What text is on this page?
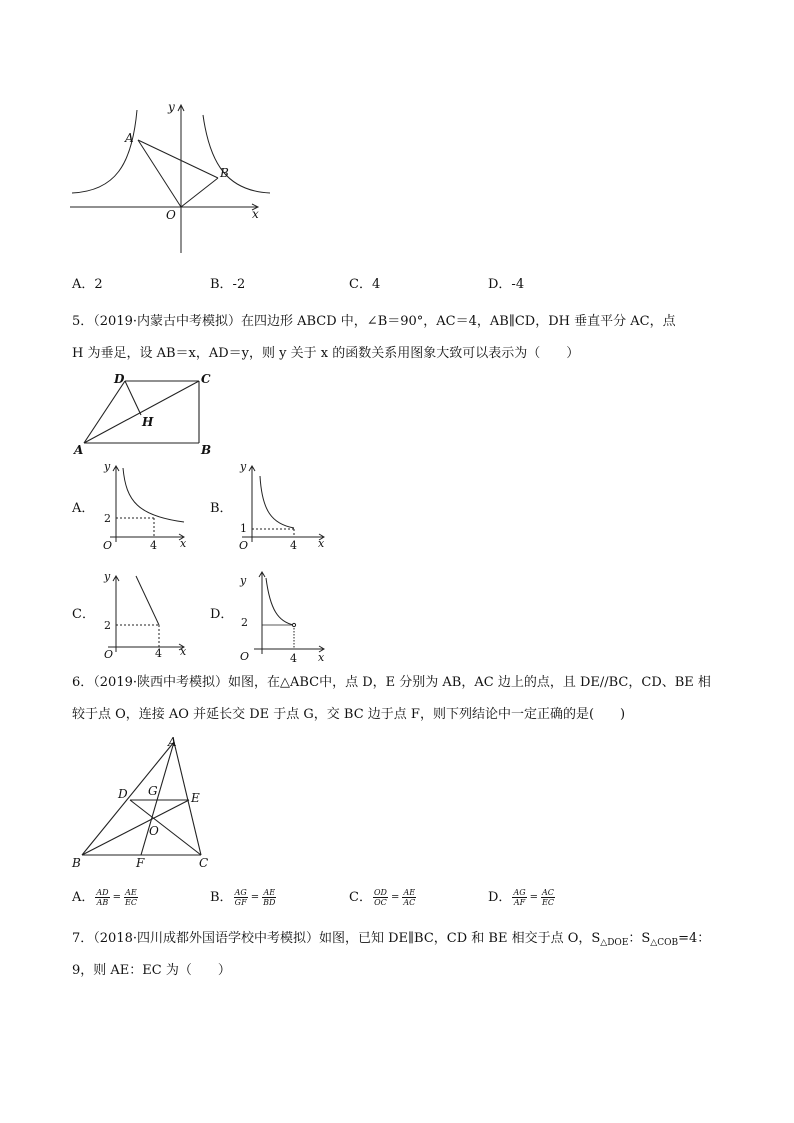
A
B
O	x
y
A．2	B．-2	C．4	D．-4
5．（2019·内蒙古中考模拟）在四边形 ABCD 中，∠B＝90°，AC＝4，AB∥CD，DH 垂直平分 AC，点
H 为垂足，设 AB＝x，AD＝y，则 y 关于 x 的函数关系用图象大致可以表示为（　　）
D	C
H
A	B
A．
y
2
O	4 x
B．
y
1
O	4 x
C．
y
2
O	4 x
D．
y
2
O	4 x
6．（2019·陕西中考模拟）如图，在△ABC中，点 D，E 分别为 AB，AC 边上的点，且 DE//BC，CD、BE 相
较于点 O，连接 AO 并延长交 DE 于点 G，交 BC 边于点 F，则下列结论中一定正确的是(　　)
A
D G	E
O
B	F	C
A． $\frac{AD}{AB} = \frac{AE}{EC}$	B． $\frac{AG}{GF} = \frac{AE}{BD}$	C． $\frac{OD}{OC} = \frac{AE}{AC}$	D． $\frac{AG}{AF} = \frac{AC}{EC}$
7．（2018·四川成都外国语学校中考模拟）如图，已知 DE∥BC，CD 和 BE 相交于点 O，$S_{\triangle DOE}$：$S_{\triangle COB}=4$：
9，则 AE：EC 为（　　）
